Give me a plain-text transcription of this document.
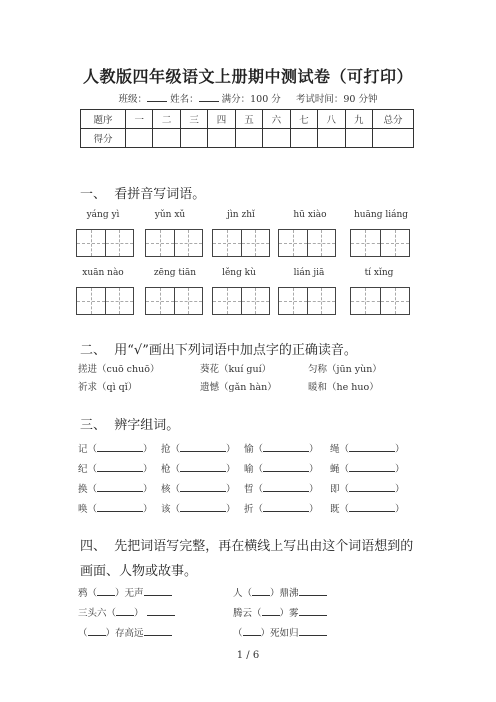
人教版四年级语文上册期中测试卷（可打印）
班级： 姓名： 满分：100 分 考试时间：90 分钟
题序	一	二	三	四	五	六	七	八	九	总分
得分										
一、 看拼音写词语。
yáng yì	yǔn xǔ	jìn zhǐ	hū xiào	huāng liáng
xuān nào	zēng tiān	lěng kù	lián jiā	tí xǐng
二、 用“√”画出下列词语中加点字的正确读音。
搓进（cuō chuō）	葵花（kuí guí）	匀称（jūn yùn）
祈求（qì qǐ）	遗憾（gǎn hàn）	暖和（he huo）
三、 辨字组词。
记（	） 抢（	） 愉（	） 绳（	）
纪（	） 枪（	） 喻（	） 蝇（	）
换（	） 核（	） 晢（	） 即（	）
唤（	） 该（	） 折（	） 既（	）
四、 先把词语写完整，再在横线上写出由这个词语想到的
画面、人物或故事。
鸦（ ）无声	人（ ）鼎沸
三头六（ ）	腾云（ ）雾
（ ）存高远	（ ）死如归
1 / 6
